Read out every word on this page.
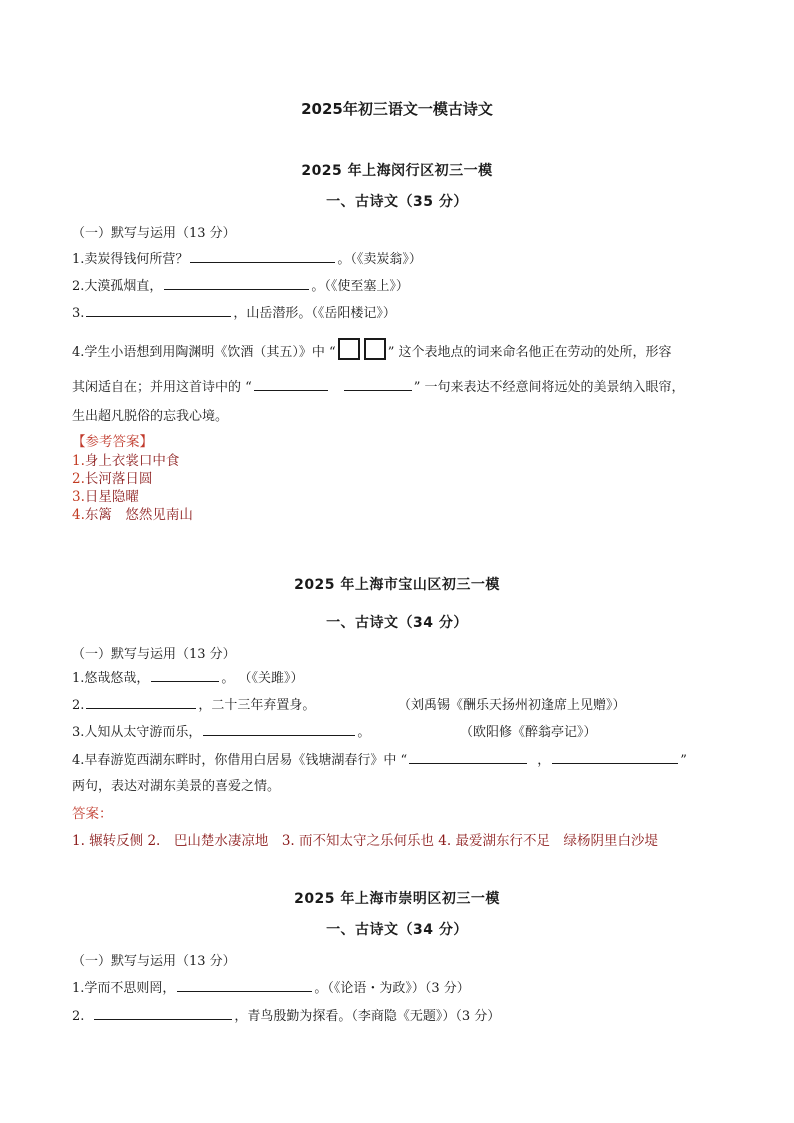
2025年初三语文一模古诗文
2025 年上海闵行区初三一模
一、古诗文（35 分）
（一）默写与运用（13 分）
1.卖炭得钱何所营？	。（《卖炭翁》）
2.大漠孤烟直，	。（《使至塞上》）
3.	，山岳潜形。（《岳阳楼记》）
4.学生小语想到用陶渊明《饮酒（其五）》中 “	” 这个表地点的词来命名他正在劳动的处所，形容
其闲适自在；并用这首诗中的 “	” 一句来表达不经意间将远处的美景纳入眼帘，
生出超凡脱俗的忘我心境。
【参考答案】
1.身上衣裳口中食
2.长河落日圆
3.日星隐曜
4.东篱　悠然见南山
2025 年上海市宝山区初三一模
一、古诗文（34 分）
（一）默写与运用（13 分）
1.悠哉悠哉，	。 （《关雎》）
2.	，二十三年弃置身。	（刘禹锡《酬乐天扬州初逢席上见赠》）
3.人知从太守游而乐，	。	（欧阳修《醉翁亭记》）
4.早春游览西湖东畔时，你借用白居易《钱塘湖春行》中 “	，	”
两句，表达对湖东美景的喜爱之情。
答案：
1. 辗转反侧 2.　巴山楚水凄凉地　3. 而不知太守之乐何乐也 4. 最爱湖东行不足　绿杨阴里白沙堤
2025 年上海市崇明区初三一模
一、古诗文（34 分）
（一）默写与运用（13 分）
1.学而不思则罔，	。（《论语・为政》）（3 分）
2.	，青鸟殷勤为探看。（李商隐《无题》）（3 分）
